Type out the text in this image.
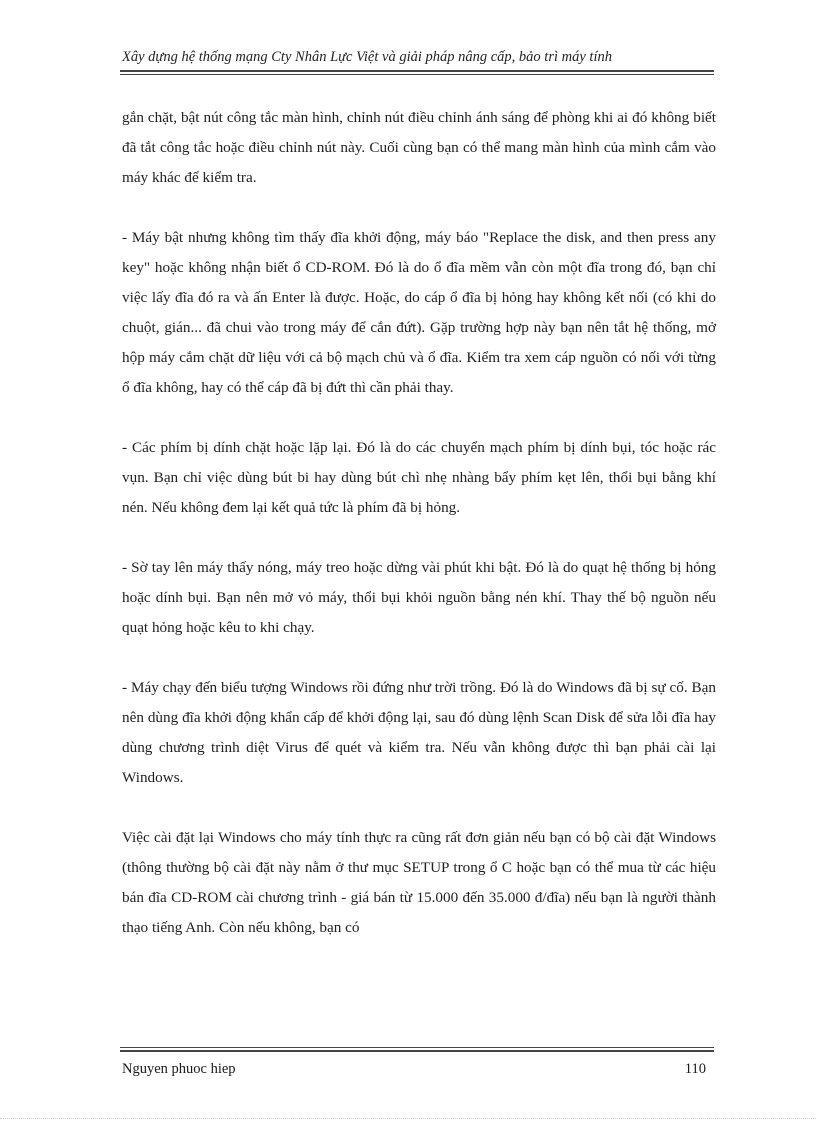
Xây dựng hệ thống mạng Cty Nhân Lực Việt và giải pháp nâng cấp, bảo trì máy tính

gắn chặt, bật nút công tắc màn hình, chỉnh nút điều chỉnh ánh sáng để phòng khi ai đó không biết đã tắt công tắc hoặc điều chỉnh nút này. Cuối cùng bạn có thể mang màn hình của mình cắm vào máy khác để kiểm tra.

- Máy bật nhưng không tìm thấy đĩa khởi động, máy báo "Replace the disk, and then press any key" hoặc không nhận biết ổ CD-ROM. Đó là do ổ đĩa mềm vẫn còn một đĩa trong đó, bạn chỉ việc lấy đĩa đó ra và ấn Enter là được. Hoặc, do cáp ổ đĩa bị hỏng hay không kết nối (có khi do chuột, gián... đã chui vào trong máy để cắn đứt). Gặp trường hợp này bạn nên tắt hệ thống, mở hộp máy cắm chặt dữ liệu với cả bộ mạch chủ và ổ đĩa. Kiểm tra xem cáp nguồn có nối với từng ổ đĩa không, hay có thể cáp đã bị đứt thì cần phải thay.

- Các phím bị dính chặt hoặc lặp lại. Đó là do các chuyển mạch phím bị dính bụi, tóc hoặc rác vụn. Bạn chỉ việc dùng bút bi hay dùng bút chì nhẹ nhàng bẩy phím kẹt lên, thổi bụi bằng khí nén. Nếu không đem lại kết quả tức là phím đã bị hỏng.

- Sờ tay lên máy thấy nóng, máy treo hoặc dừng vài phút khi bật. Đó là do quạt hệ thống bị hỏng hoặc dính bụi. Bạn nên mở vỏ máy, thổi bụi khỏi nguồn bằng nén khí. Thay thế bộ nguồn nếu quạt hỏng hoặc kêu to khi chạy.

- Máy chạy đến biểu tượng Windows rồi đứng như trời trồng. Đó là do Windows đã bị sự cố. Bạn nên dùng đĩa khởi động khẩn cấp để khởi động lại, sau đó dùng lệnh Scan Disk để sửa lỗi đĩa hay dùng chương trình diệt Virus để quét và kiểm tra. Nếu vẫn không được thì bạn phải cài lại Windows.

Việc cài đặt lại Windows cho máy tính thực ra cũng rất đơn giản nếu bạn có bộ cài đặt Windows (thông thường bộ cài đặt này nằm ở thư mục SETUP trong ổ C hoặc bạn có thể mua từ các hiệu bán đĩa CD-ROM cài chương trình - giá bán từ 15.000 đến 35.000 đ/đĩa) nếu bạn là người thành thạo tiếng Anh. Còn nếu không, bạn có

Nguyen phuoc hiep	110
